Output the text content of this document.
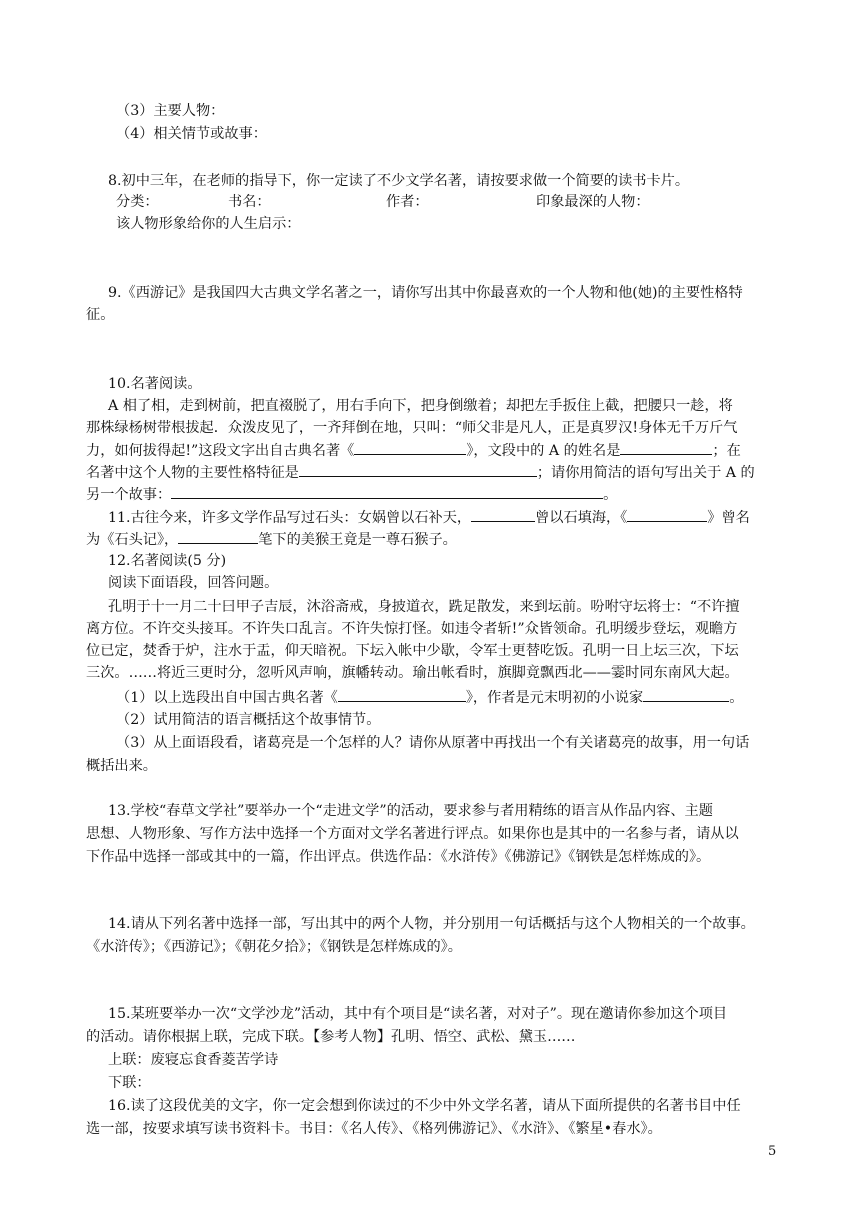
（3）主要人物：
（4）相关情节或故事：
8.初中三年，在老师的指导下，你一定读了不少文学名著，请按要求做一个简要的读书卡片。
分类：	书名：	作者：	印象最深的人物：
该人物形象给你的人生启示：
9.《西游记》是我国四大古典文学名著之一，请你写出其中你最喜欢的一个人物和他(她)的主要性格特
征。
10.名著阅读。
A 相了相，走到树前，把直裰脱了，用右手向下，把身倒缴着；却把左手扳住上截，把腰只一趁，将
那株绿杨树带根拔起．众泼皮见了，一齐拜倒在地，只叫：“师父非是凡人，正是真罗汉!身体无千万斤气
力，如何拔得起!”这段文字出自古典名著《	》，文段中的 A 的姓名是	；在
名著中这个人物的主要性格特征是	；请你用简洁的语句写出关于 A 的
另一个故事：	。
11.古往今来，许多文学作品写过石头：女娲曾以石补天，	曾以石填海，《	》曾名
为《石头记》，	笔下的美猴王竟是一尊石猴子。
12.名著阅读(5 分)
阅读下面语段，回答问题。
孔明于十一月二十曰甲子吉辰，沐浴斋戒，身披道衣，跣足散发，来到坛前。吩咐守坛将士：“不许擅
离方位。不许交头接耳。不许失口乱言。不许失惊打怪。如违令者斩!”众皆领命。孔明缓步登坛，观瞻方
位已定，焚香于炉，注水于盂，仰天暗祝。下坛入帐中少歇，令军士更替吃饭。孔明一日上坛三次，下坛
三次。……将近三更时分，忽听风声响，旗幡转动。瑜出帐看时，旗脚竟飘西北——霎时同东南风大起。
（1）以上选段出自中国古典名著《	》，作者是元末明初的小说家	。
（2）试用简洁的语言概括这个故事情节。
（3）从上面语段看，诸葛亮是一个怎样的人？请你从原著中再找出一个有关诸葛亮的故事，用一句话
概括出来。
13.学校“春草文学社”要举办一个“走进文学”的活动，要求参与者用精练的语言从作品内容、主题
思想、人物形象、写作方法中选择一个方面对文学名著进行评点。如果你也是其中的一名参与者，请从以
下作品中选择一部或其中的一篇，作出评点。供选作品：《水浒传》《佛游记》《钢铁是怎样炼成的》。
14.请从下列名著中选择一部，写出其中的两个人物，并分别用一句话概括与这个人物相关的一个故事。
《水浒传》；《西游记》；《朝花夕拾》；《钢铁是怎样炼成的》。
15.某班要举办一次“文学沙龙”活动，其中有个项目是“读名著，对对子”。现在邀请你参加这个项目
的活动。请你根据上联，完成下联。【参考人物】孔明、悟空、武松、黛玉……
上联：废寝忘食香菱苦学诗
下联：
16.读了这段优美的文字，你一定会想到你读过的不少中外文学名著，请从下面所提供的名著书目中任
选一部，按要求填写读书资料卡。书目：《名人传》、《格列佛游记》、《水浒》、《繁星•春水》。
5
